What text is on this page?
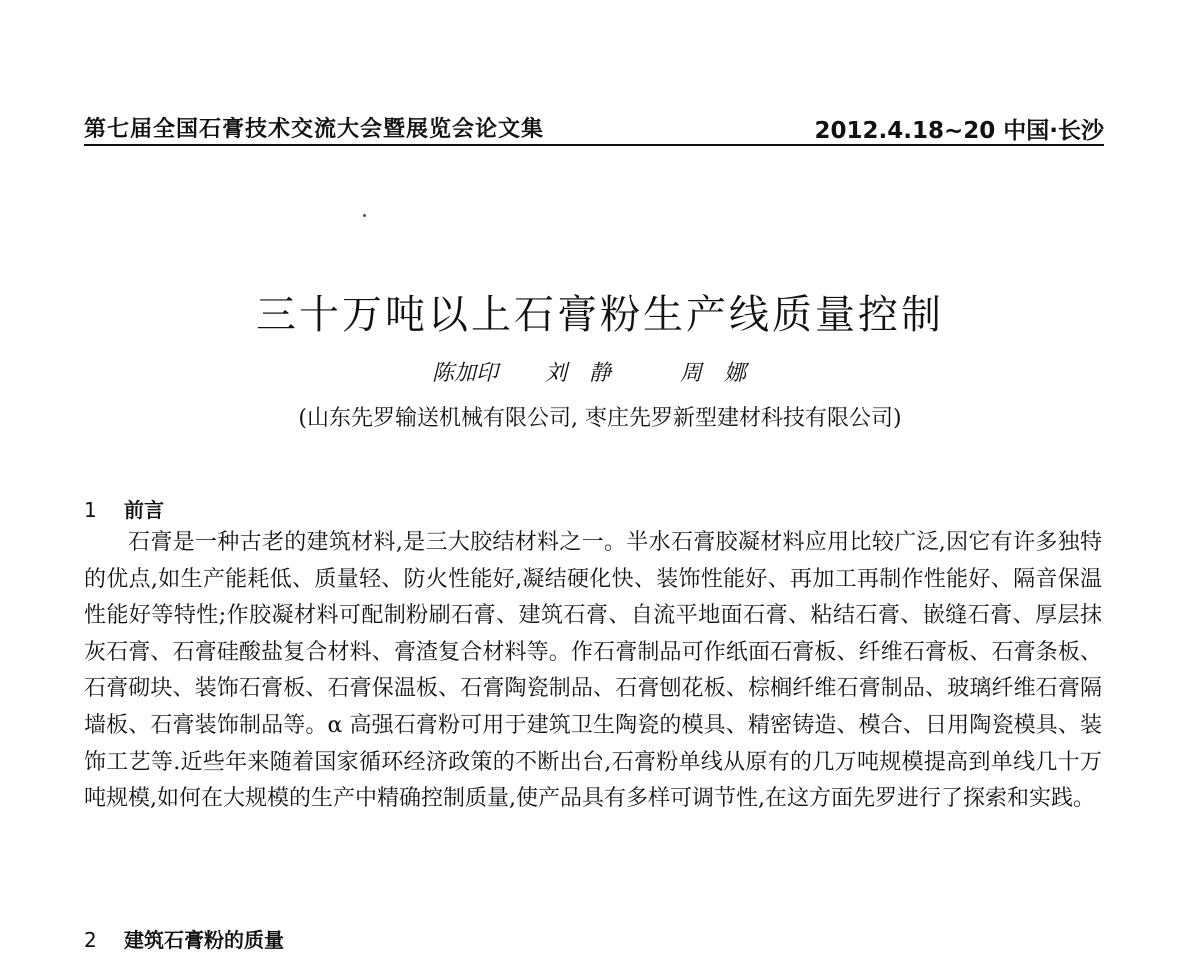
第七届全国石膏技术交流大会暨展览会论文集	2012.4.18~20 中国·长沙
三十万吨以上石膏粉生产线质量控制
陈加印 刘静 周娜
(山东先罗输送机械有限公司, 枣庄先罗新型建材科技有限公司)
1 前言

石膏是一种古老的建筑材料,是三大胶结材料之一。半水石膏胶凝材料应用比较广泛,因它有许多独特的优点,如生产能耗低、质量轻、防火性能好,凝结硬化快、装饰性能好、再加工再制作性能好、隔音保温性能好等特性;作胶凝材料可配制粉刷石膏、建筑石膏、自流平地面石膏、粘结石膏、嵌缝石膏、厚层抹灰石膏、石膏硅酸盐复合材料、膏渣复合材料等。作石膏制品可作纸面石膏板、纤维石膏板、石膏条板、石膏砌块、装饰石膏板、石膏保温板、石膏陶瓷制品、石膏刨花板、棕榈纤维石膏制品、玻璃纤维石膏隔墙板、石膏装饰制品等。α 高强石膏粉可用于建筑卫生陶瓷的模具、精密铸造、模合、日用陶瓷模具、装饰工艺等.近些年来随着国家循环经济政策的不断出台,石膏粉单线从原有的几万吨规模提高到单线几十万吨规模,如何在大规模的生产中精确控制质量,使产品具有多样可调节性,在这方面先罗进行了探索和实践。

2 建筑石膏粉的质量
